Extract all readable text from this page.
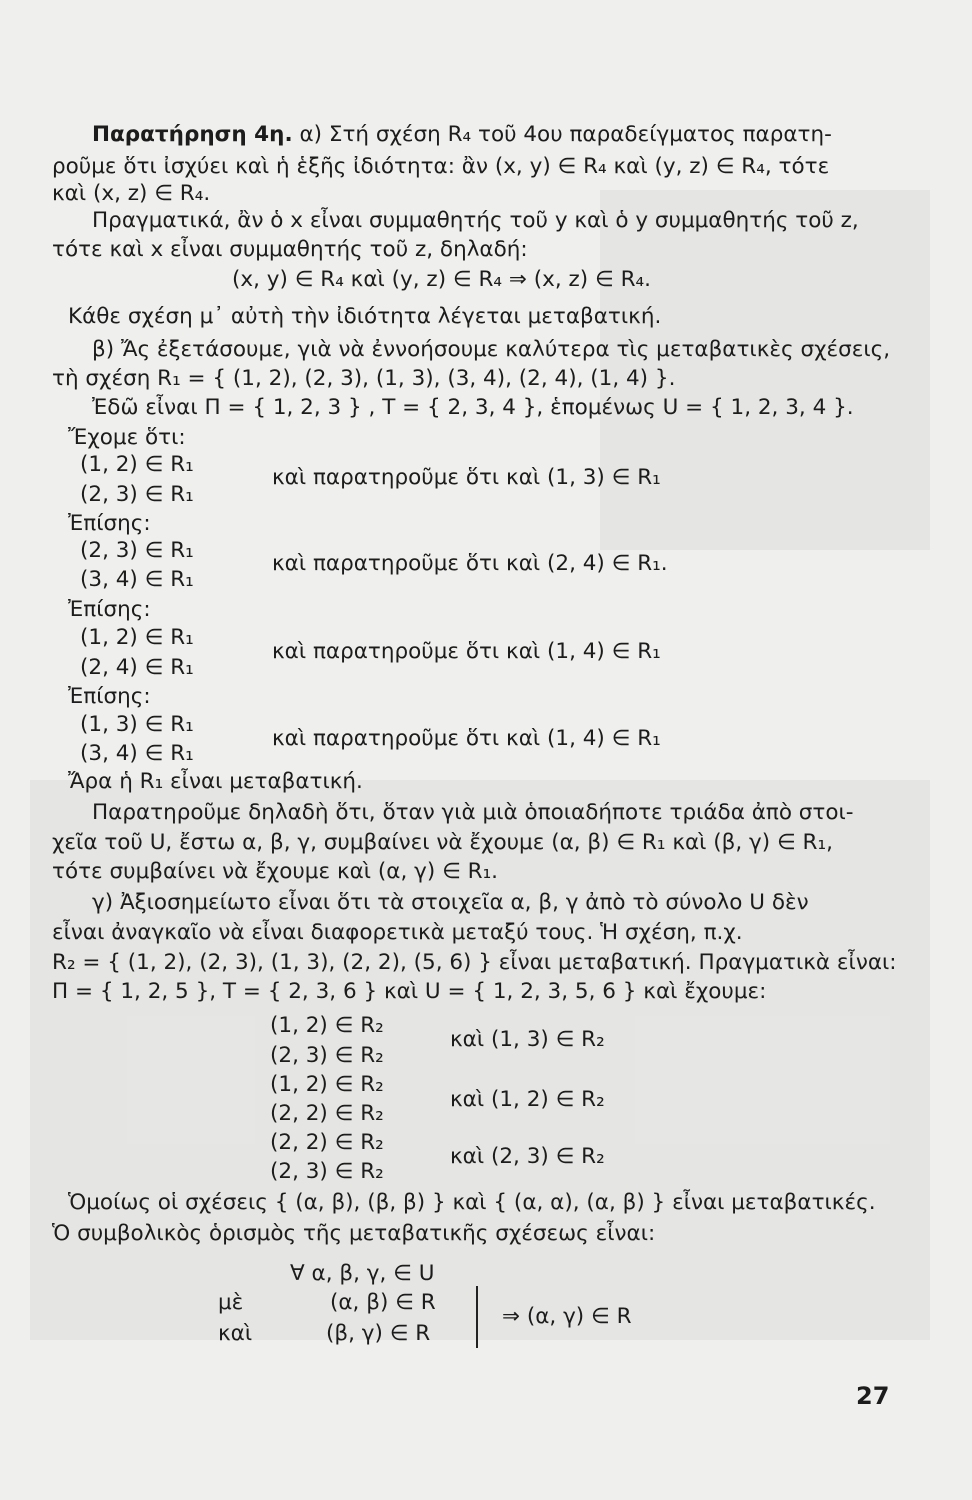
Παρατήρηση 4η. α) Στή σχέση R₄ τοῦ 4ου παραδείγματος παρατη-
ροῦμε ὅτι ἰσχύει καὶ ἡ ἑξῆς ἰδιότητα: ἂν (x, y) ∈ R₄ καὶ (y, z) ∈ R₄, τότε
καὶ (x, z) ∈ R₄.
Πραγματικά, ἂν ὁ x εἶναι συμμαθητής τοῦ y καὶ ὁ y συμμαθητής τοῦ z,
τότε καὶ x εἶναι συμμαθητής τοῦ z, δηλαδή:
(x, y) ∈ R₄ καὶ (y, z) ∈ R₄ ⇒ (x, z) ∈ R₄.
Κάθε σχέση μ᾽ αὐτὴ τὴν ἰδιότητα λέγεται μεταβατική.
β) Ἄς ἐξετάσουμε, γιὰ νὰ ἐννοήσουμε καλύτερα τὶς μεταβατικὲς σχέσεις,
τὴ σχέση R₁ = { (1, 2), (2, 3), (1, 3), (3, 4), (2, 4), (1, 4) }.
Ἐδῶ εἶναι Π = { 1, 2, 3 } , T = { 2, 3, 4 }, ἑπομένως U = { 1, 2, 3, 4 }.
Ἔχομε ὅτι:
(1, 2) ∈ R₁
(2, 3) ∈ R₁
καὶ παρατηροῦμε ὅτι καὶ (1, 3) ∈ R₁
Ἐπίσης:
(2, 3) ∈ R₁
(3, 4) ∈ R₁
καὶ παρατηροῦμε ὅτι καὶ (2, 4) ∈ R₁.
Ἐπίσης:
(1, 2) ∈ R₁
(2, 4) ∈ R₁
καὶ παρατηροῦμε ὅτι καὶ (1, 4) ∈ R₁
Ἐπίσης:
(1, 3) ∈ R₁
(3, 4) ∈ R₁
καὶ παρατηροῦμε ὅτι καὶ (1, 4) ∈ R₁
Ἄρα ἡ R₁ εἶναι μεταβατική.
Παρατηροῦμε δηλαδὴ ὅτι, ὅταν γιὰ μιὰ ὁποιαδήποτε τριάδα ἀπὸ στοι-
χεῖα τοῦ U, ἔστω α, β, γ, συμβαίνει νὰ ἔχουμε (α, β) ∈ R₁ καὶ (β, γ) ∈ R₁,
τότε συμβαίνει νὰ ἔχουμε καὶ (α, γ) ∈ R₁.
γ) Ἀξιοσημείωτο εἶναι ὅτι τὰ στοιχεῖα α, β, γ ἀπὸ τὸ σύνολο U δὲν
εἶναι ἀναγκαῖο νὰ εἶναι διαφορετικὰ μεταξύ τους. Ἡ σχέση, π.χ.
R₂ = { (1, 2), (2, 3), (1, 3), (2, 2), (5, 6) } εἶναι μεταβατική. Πραγματικὰ εἶναι:
Π = { 1, 2, 5 }, T = { 2, 3, 6 } καὶ U = { 1, 2, 3, 5, 6 } καὶ ἔχουμε:
(1, 2) ∈ R₂
(2, 3) ∈ R₂
καὶ (1, 3) ∈ R₂
(1, 2) ∈ R₂
(2, 2) ∈ R₂
καὶ (1, 2) ∈ R₂
(2, 2) ∈ R₂
(2, 3) ∈ R₂
καὶ (2, 3) ∈ R₂
Ὁμοίως οἱ σχέσεις { (α, β), (β, β) } καὶ { (α, α), (α, β) } εἶναι μεταβατικές.
Ὁ συμβολικὸς ὁρισμὸς τῆς μεταβατικῆς σχέσεως εἶναι:
∀ α, β, γ, ∈ U
μὲ
καὶ
(α, β) ∈ R
(β, γ) ∈ R
⇒ (α, γ) ∈ R
27
